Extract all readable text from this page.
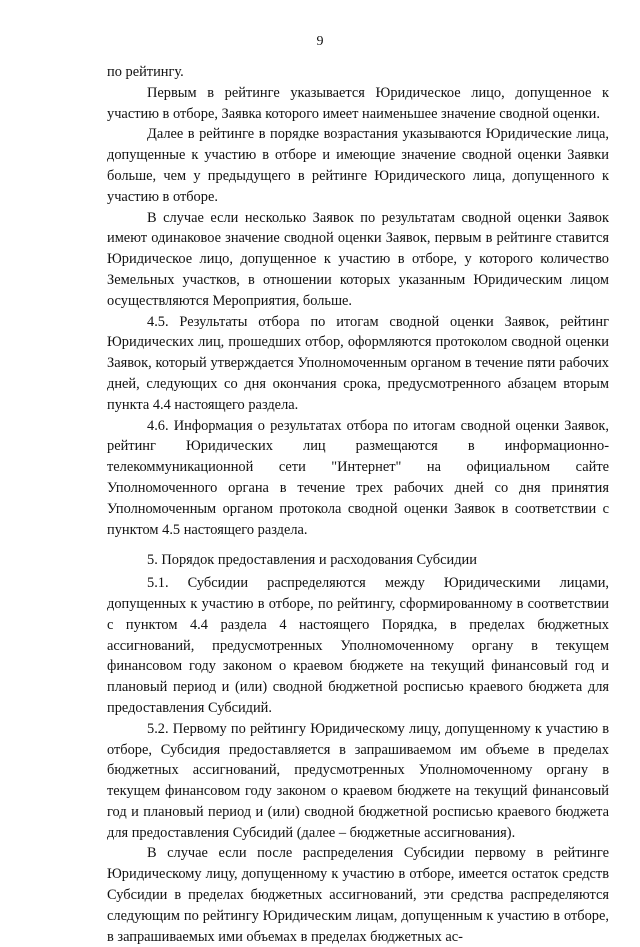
9

по рейтингу.

Первым в рейтинге указывается Юридическое лицо, допущенное к участию в отборе, Заявка которого имеет наименьшее значение сводной оценки.

Далее в рейтинге в порядке возрастания указываются Юридические лица, допущенные к участию в отборе и имеющие значение сводной оценки Заявки больше, чем у предыдущего в рейтинге Юридического лица, допущенного к участию в отборе.

В случае если несколько Заявок по результатам сводной оценки Заявок имеют одинаковое значение сводной оценки Заявок, первым в рейтинге ставится Юридическое лицо, допущенное к участию в отборе, у которого количество Земельных участков, в отношении которых указанным Юридическим лицом осуществляются Мероприятия, больше.

4.5. Результаты отбора по итогам сводной оценки Заявок, рейтинг Юридических лиц, прошедших отбор, оформляются протоколом сводной оценки Заявок, который утверждается Уполномоченным органом в течение пяти рабочих дней, следующих со дня окончания срока, предусмотренного абзацем вторым пункта 4.4 настоящего раздела.

4.6. Информация о результатах отбора по итогам сводной оценки Заявок, рейтинг Юридических лиц размещаются в информационно-телекоммуникационной сети "Интернет" на официальном сайте Уполномоченного органа в течение трех рабочих дней со дня принятия Уполномоченным органом протокола сводной оценки Заявок в соответствии с пунктом 4.5 настоящего раздела.

5. Порядок предоставления и расходования Субсидии

5.1. Субсидии распределяются между Юридическими лицами, допущенных к участию в отборе, по рейтингу, сформированному в соответствии с пунктом 4.4 раздела 4 настоящего Порядка, в пределах бюджетных ассигнований, предусмотренных Уполномоченному органу в текущем финансовом году законом о краевом бюджете на текущий финансовый год и плановый период и (или) сводной бюджетной росписью краевого бюджета для предоставления Субсидий.

5.2. Первому по рейтингу Юридическому лицу, допущенному к участию в отборе, Субсидия предоставляется в запрашиваемом им объеме в пределах бюджетных ассигнований, предусмотренных Уполномоченному органу в текущем финансовом году законом о краевом бюджете на текущий финансовый год и плановый период и (или) сводной бюджетной росписью краевого бюджета для предоставления Субсидий (далее – бюджетные ассигнования).

В случае если после распределения Субсидии первому в рейтинге Юридическому лицу, допущенному к участию в отборе, имеется остаток средств Субсидии в пределах бюджетных ассигнований, эти средства распределяются следующим по рейтингу Юридическим лицам, допущенным к участию в отборе, в запрашиваемых ими объемах в пределах бюджетных ас-
